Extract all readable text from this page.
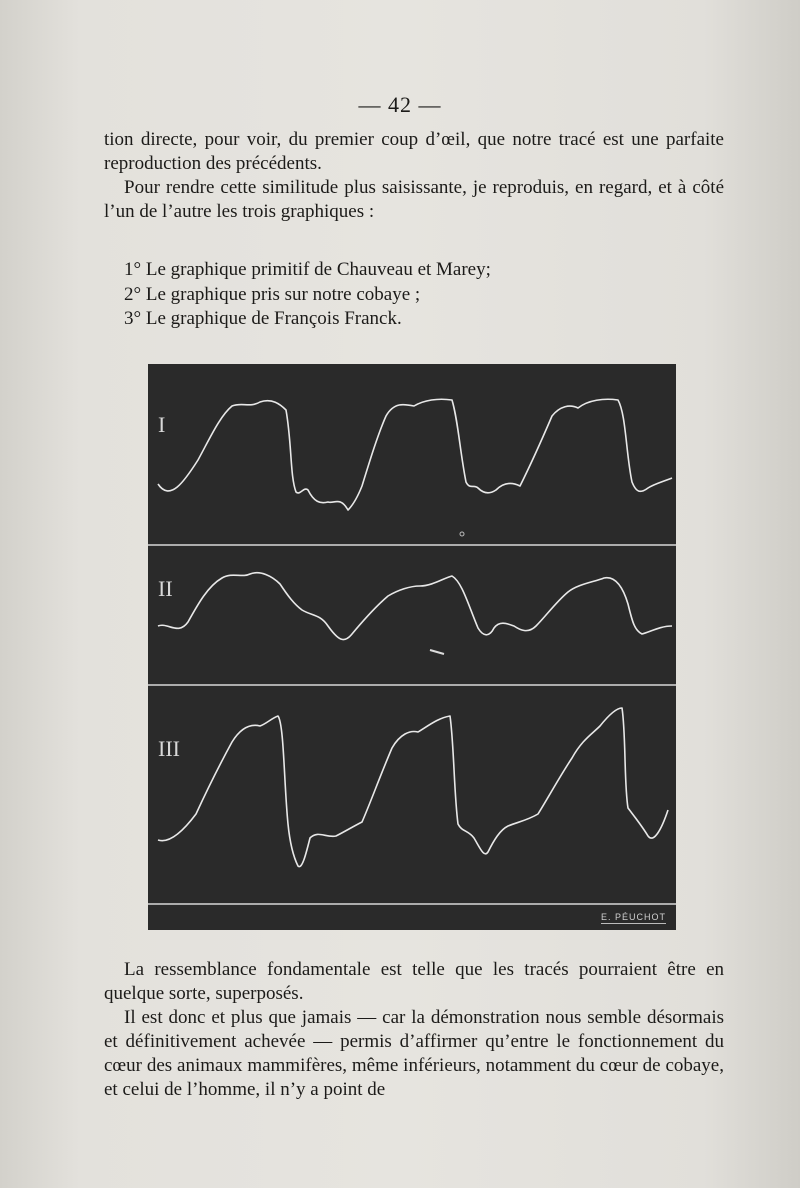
— 42 —

tion directe, pour voir, du premier coup d’œil, que notre tracé est une parfaite reproduction des précédents.

Pour rendre cette similitude plus saisissante, je reproduis, en regard, et à côté l’un de l’autre les trois graphiques :

1° Le graphique primitif de Chauveau et Marey;
2° Le graphique pris sur notre cobaye ;
3° Le graphique de François Franck.
I
II
III
E. PÉUCHOT

La ressemblance fondamentale est telle que les tracés pourraient être en quelque sorte, superposés.

Il est donc et plus que jamais — car la démonstration nous semble désormais et définitivement achevée — permis d’affirmer qu’entre le fonctionnement du cœur des animaux mammifères, même inférieurs, notamment du cœur de cobaye, et celui de l’homme, il n’y a point de
